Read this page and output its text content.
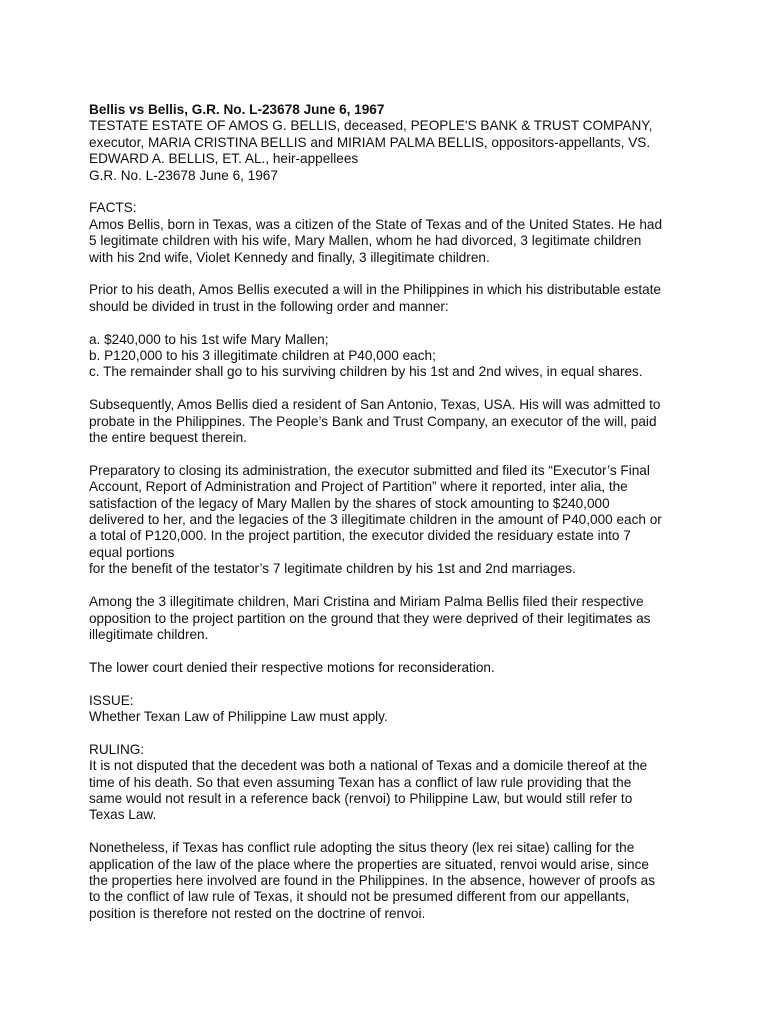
Bellis vs Bellis, G.R. No. L-23678 June 6, 1967

TESTATE ESTATE OF AMOS G. BELLIS, deceased, PEOPLE'S BANK & TRUST COMPANY,

executor, MARIA CRISTINA BELLIS and MIRIAM PALMA BELLIS, oppositors-appellants, VS.

EDWARD A. BELLIS, ET. AL., heir-appellees

G.R. No. L-23678 June 6, 1967

FACTS:

Amos Bellis, born in Texas, was a citizen of the State of Texas and of the United States. He had

5 legitimate children with his wife, Mary Mallen, whom he had divorced, 3 legitimate children

with his 2nd wife, Violet Kennedy and finally, 3 illegitimate children.

Prior to his death, Amos Bellis executed a will in the Philippines in which his distributable estate

should be divided in trust in the following order and manner:

a. $240,000 to his 1st wife Mary Mallen;

b. P120,000 to his 3 illegitimate children at P40,000 each;

c. The remainder shall go to his surviving children by his 1st and 2nd wives, in equal shares.

Subsequently, Amos Bellis died a resident of San Antonio, Texas, USA. His will was admitted to

probate in the Philippines. The People’s Bank and Trust Company, an executor of the will, paid

the entire bequest therein.

Preparatory to closing its administration, the executor submitted and filed its “Executor’s Final

Account, Report of Administration and Project of Partition” where it reported, inter alia, the

satisfaction of the legacy of Mary Mallen by the shares of stock amounting to $240,000

delivered to her, and the legacies of the 3 illegitimate children in the amount of P40,000 each or

a total of P120,000. In the project partition, the executor divided the residuary estate into 7

equal portions

for the benefit of the testator’s 7 legitimate children by his 1st and 2nd marriages.

Among the 3 illegitimate children, Mari Cristina and Miriam Palma Bellis filed their respective

opposition to the project partition on the ground that they were deprived of their legitimates as

illegitimate children.

The lower court denied their respective motions for reconsideration.

ISSUE:

Whether Texan Law of Philippine Law must apply.

RULING:

It is not disputed that the decedent was both a national of Texas and a domicile thereof at the

time of his death. So that even assuming Texan has a conflict of law rule providing that the

same would not result in a reference back (renvoi) to Philippine Law, but would still refer to

Texas Law.

Nonetheless, if Texas has conflict rule adopting the situs theory (lex rei sitae) calling for the

application of the law of the place where the properties are situated, renvoi would arise, since

the properties here involved are found in the Philippines. In the absence, however of proofs as

to the conflict of law rule of Texas, it should not be presumed different from our appellants,

position is therefore not rested on the doctrine of renvoi.
